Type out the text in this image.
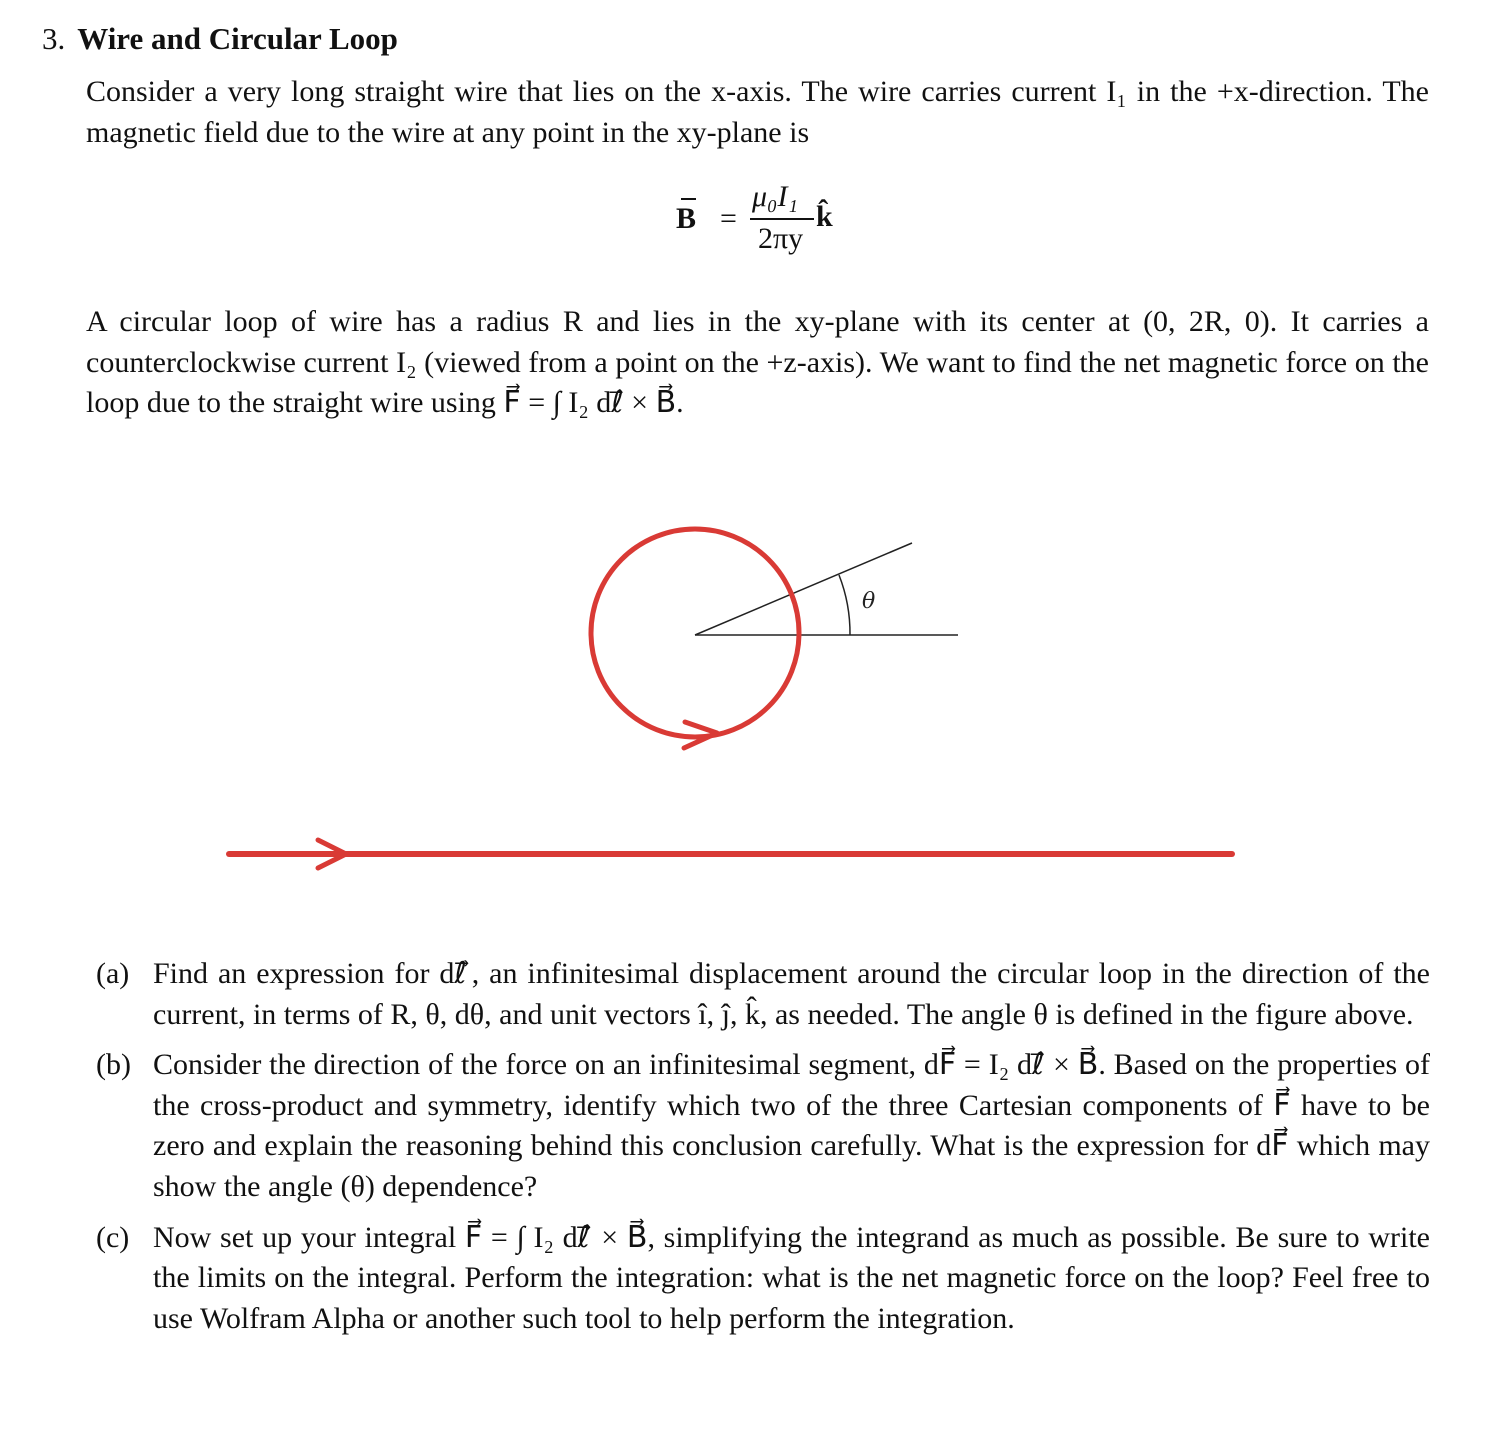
3. Wire and Circular Loop
Consider a very long straight wire that lies on the x-axis. The wire carries current I₁ in the +x-direction. The magnetic field due to the wire at any point in the xy-plane is
B =
μ₀I₁
2πy
k̂
A circular loop of wire has a radius R and lies in the xy-plane with its center at (0, 2R, 0). It carries a counterclockwise current I₂ (viewed from a point on the +z-axis). We want to find the net magnetic force on the loop due to the straight wire using F⃗ = ∫ I₂ dℓ⃗ × B⃗.
θ
(a) Find an expression for dℓ⃗, an infinitesimal displacement around the circular loop in the direction of the current, in terms of R, θ, dθ, and unit vectors î, ĵ, k̂, as needed. The angle θ is defined in the figure above.
(b) Consider the direction of the force on an infinitesimal segment, dF⃗ = I₂ dℓ⃗ × B⃗. Based on the properties of the cross-product and symmetry, identify which two of the three Cartesian components of F⃗ have to be zero and explain the reasoning behind this conclusion carefully. What is the expression for dF⃗ which may show the angle (θ) dependence?
(c) Now set up your integral F⃗ = ∫ I₂ dℓ⃗ × B⃗, simplifying the integrand as much as possible. Be sure to write the limits on the integral. Perform the integration: what is the net magnetic force on the loop? Feel free to use Wolfram Alpha or another such tool to help perform the integration.
